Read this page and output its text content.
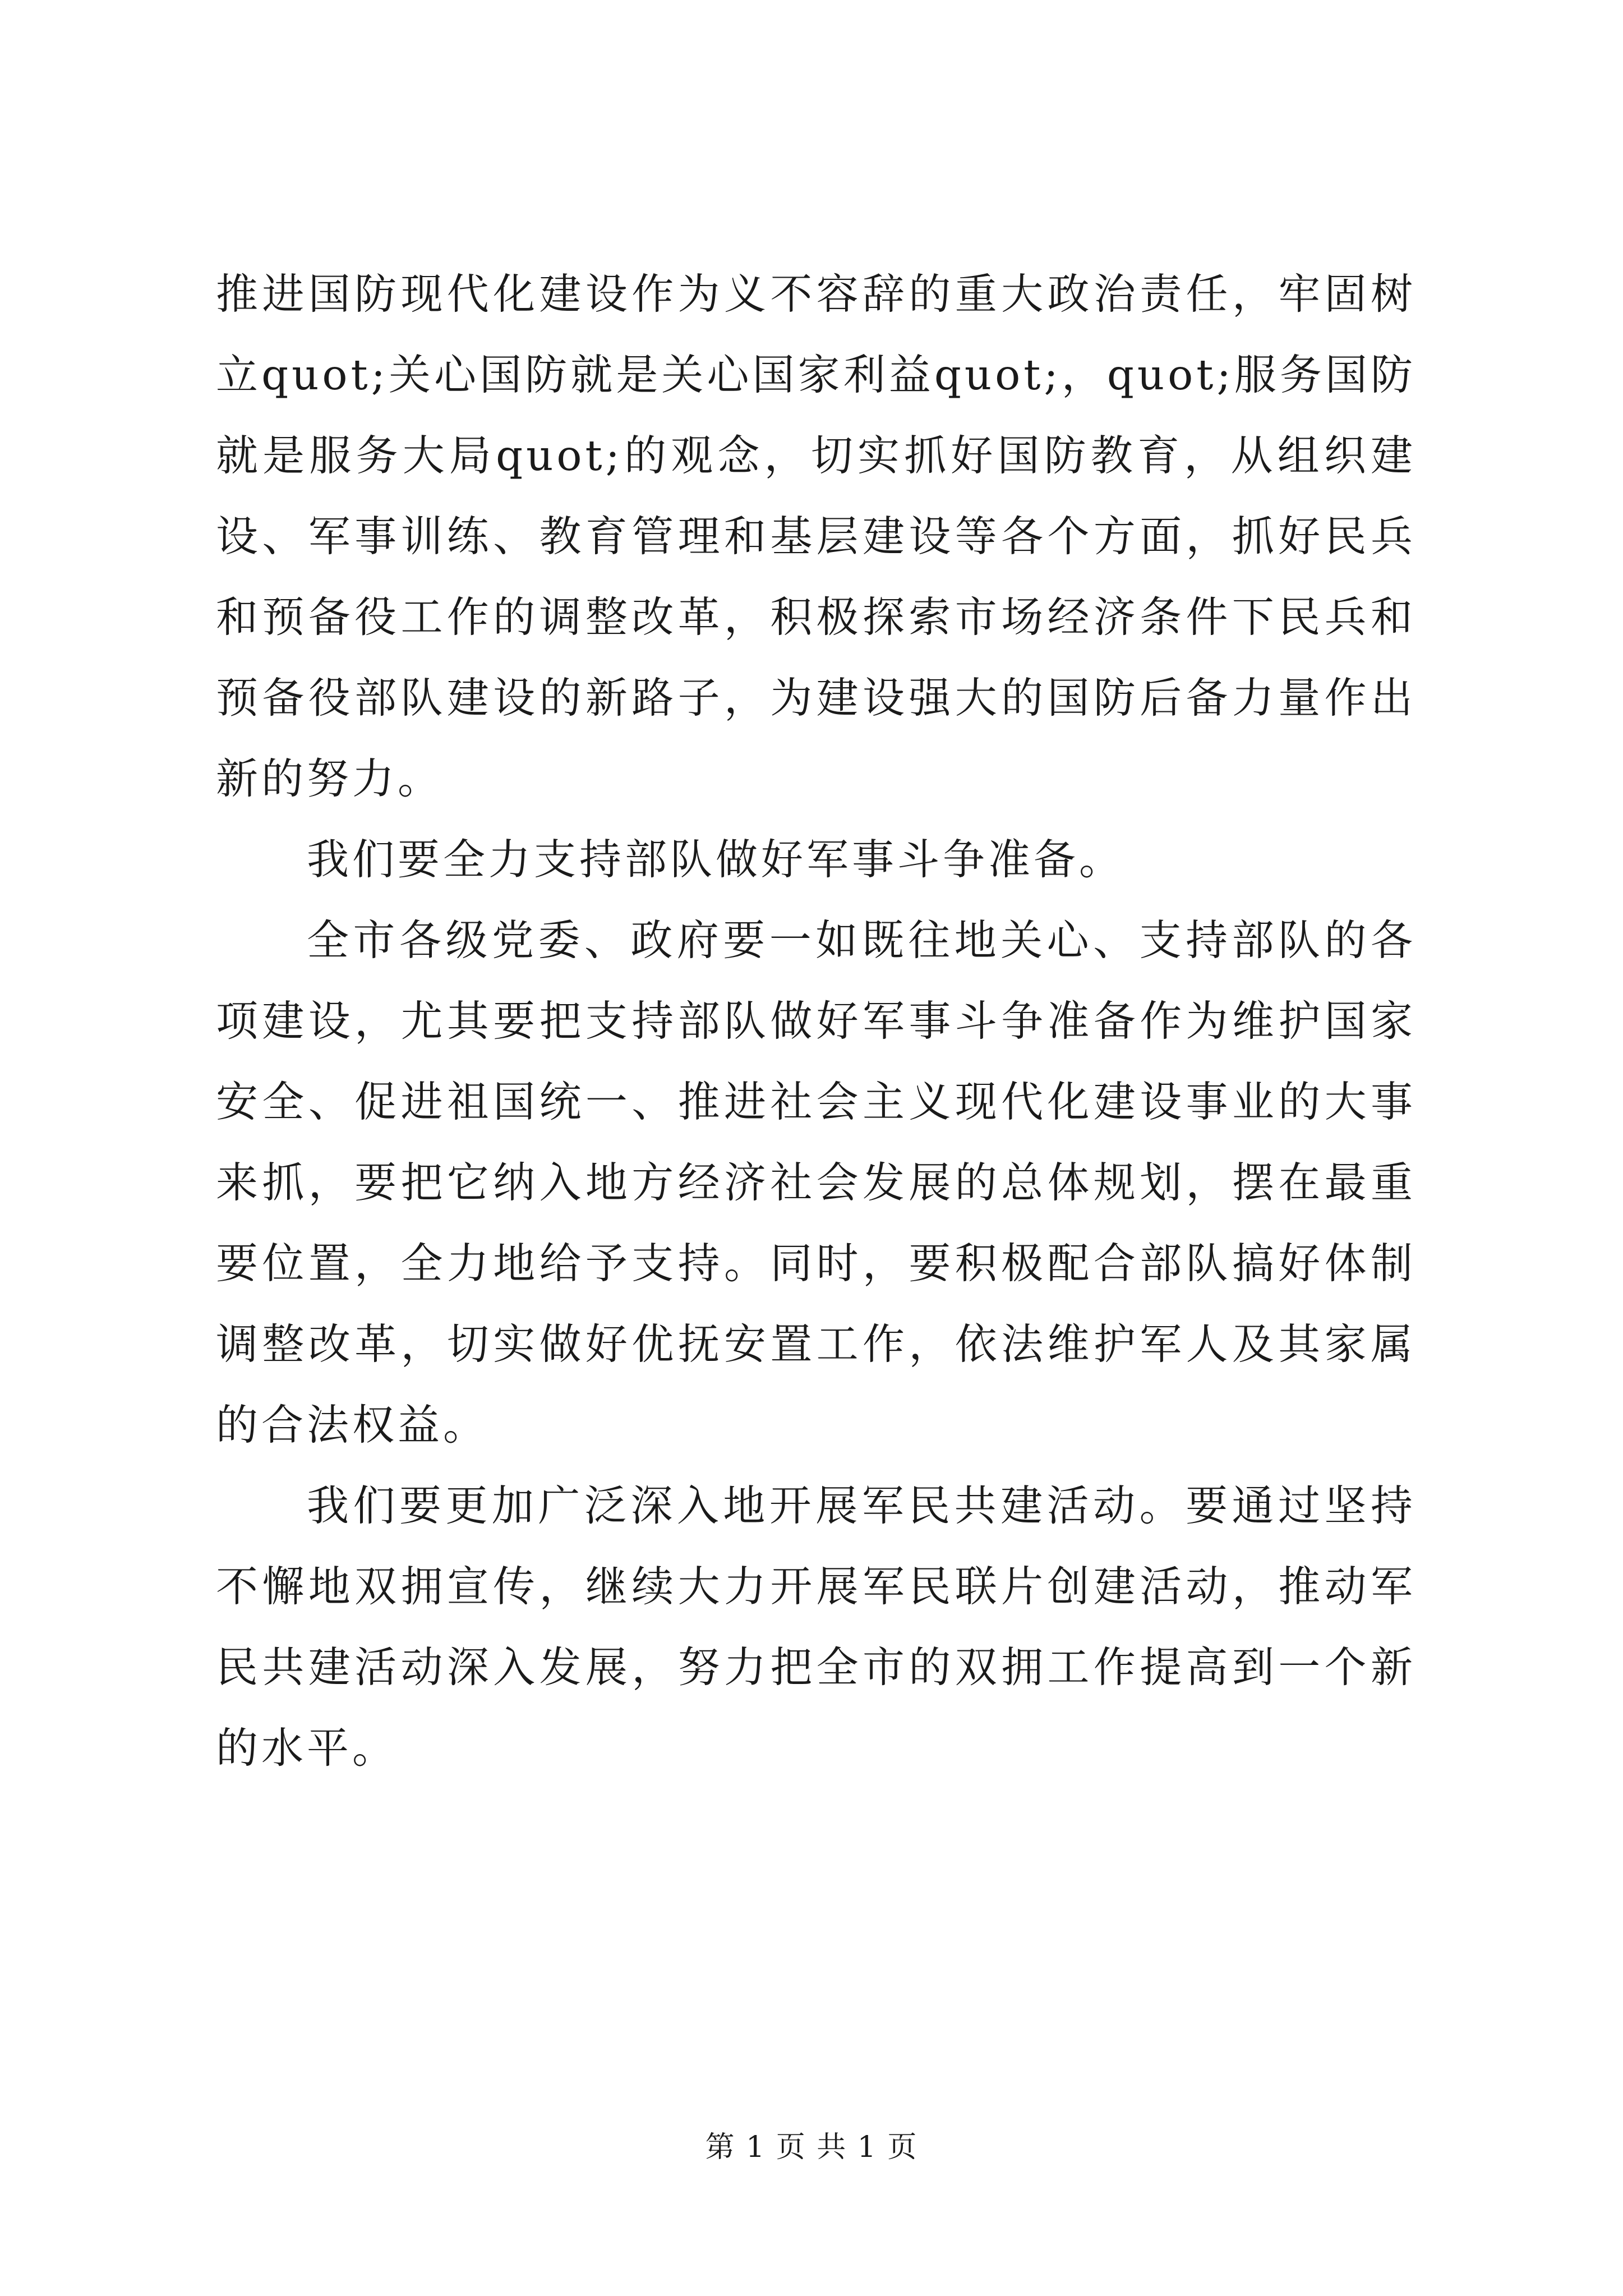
推进国防现代化建设作为义不容辞的重大政治责任，牢固树立quot;关心国防就是关心国家利益quot;，quot;服务国防就是服务大局quot;的观念，切实抓好国防教育，从组织建设、军事训练、教育管理和基层建设等各个方面，抓好民兵和预备役工作的调整改革，积极探索市场经济条件下民兵和预备役部队建设的新路子，为建设强大的国防后备力量作出新的努力。

我们要全力支持部队做好军事斗争准备。

全市各级党委、政府要一如既往地关心、支持部队的各项建设，尤其要把支持部队做好军事斗争准备作为维护国家安全、促进祖国统一、推进社会主义现代化建设事业的大事来抓，要把它纳入地方经济社会发展的总体规划，摆在最重要位置，全力地给予支持。同时，要积极配合部队搞好体制调整改革，切实做好优抚安置工作，依法维护军人及其家属的合法权益。

我们要更加广泛深入地开展军民共建活动。要通过坚持不懈地双拥宣传，继续大力开展军民联片创建活动，推动军民共建活动深入发展，努力把全市的双拥工作提高到一个新的水平。

第 1 页 共 1 页
